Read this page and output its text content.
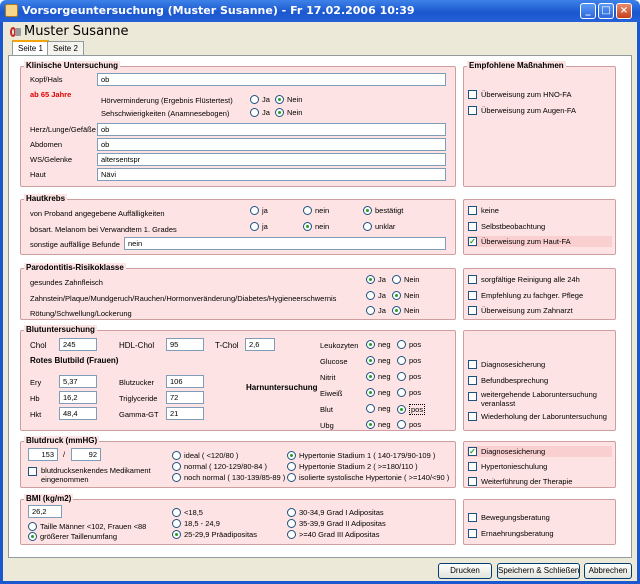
Vorsorgeuntersuchung (Muster Susanne) - Fr 17.02.2006 10:39	_	□ ×
Muster Susanne
Seite 1	Seite 2
Klinische Untersuchung
Kopf/Hals	ob
ab 65 Jahre
Hörverminderung (Ergebnis Flüstertest)	Ja Nein
Sehschwierigkeiten (Anamnesebogen)	Ja Nein
Herz/Lunge/Gefäße ob
Abdomen	ob
WS/Gelenke	altersentspr
Haut	Nävi
Empfohlene Maßnahmen
Überweisung zum HNO-FA
Überweisung zum Augen-FA
Hautkrebs
von Proband angegebene Auffälligkeiten	ja	nein	bestätigt
bösart. Melanom bei Verwandtem 1. Grades	ja	nein	unklar
sonstige auffällige Befunde	nein
keine
Selbstbeobachtung
✓ Überweisung zum Haut-FA
Parodontitis-Risikoklasse
gesundes Zahnfleisch	Ja Nein
Zahnstein/Plaque/Mundgeruch/Rauchen/Hormonveränderung/Diabetes/Hygieneerschwernis	Ja Nein
Rötung/Schwellung/Lockerung	Ja Nein
sorgfältige Reinigung alle 24h
Empfehlung zu fachger. Pflege
Überweisung zum Zahnarzt
Blutuntersuchung
Chol	245	HDL-Chol	95	T-Chol	2,6
Rotes Blutbild (Frauen)
Ery	5,37
Hb	16,2
Hkt	48,4
Blutzucker	106
Triglyceride	72
Gamma-GT	21
Harnuntersuchung
Leukozyten	neg pos
Glucose	neg pos
Nitrit	neg pos
Eiweiß	neg pos
Blut	neg	pos
Ubg	neg pos
Diagnosesicherung
Befundbesprechung
weitergehende Laboruntersuchung veranlasst
Wiederholung der Laboruntersuchung
Blutdruck (mmHG)
153	/	92
blutdrucksenkendes Medikament eingenommen
ideal ( <120/80 )
normal ( 120-129/80-84 )
noch normal ( 130-139/85-89 )
Hypertonie Stadium 1 ( 140-179/90-109 )
Hypertonie Stadium 2 ( >=180/110 )
isolierte systolische Hypertonie ( >=140/<90 )
✓ Diagnosesicherung
Hypertonieschulung
Weiterführung der Therapie
BMI (kg/m2)
26,2
Taille Männer <102, Frauen <88
größerer Taillenumfang
<18,5
18,5 - 24,9
25-29,9 Präadipositas
30-34,9 Grad I Adipositas
35-39,9 Grad II Adipositas
>=40 Grad III Adipositas
Bewegungsberatung
Ernaehrungsberatung
Drucken	Speichern & Schließen	Abbrechen
